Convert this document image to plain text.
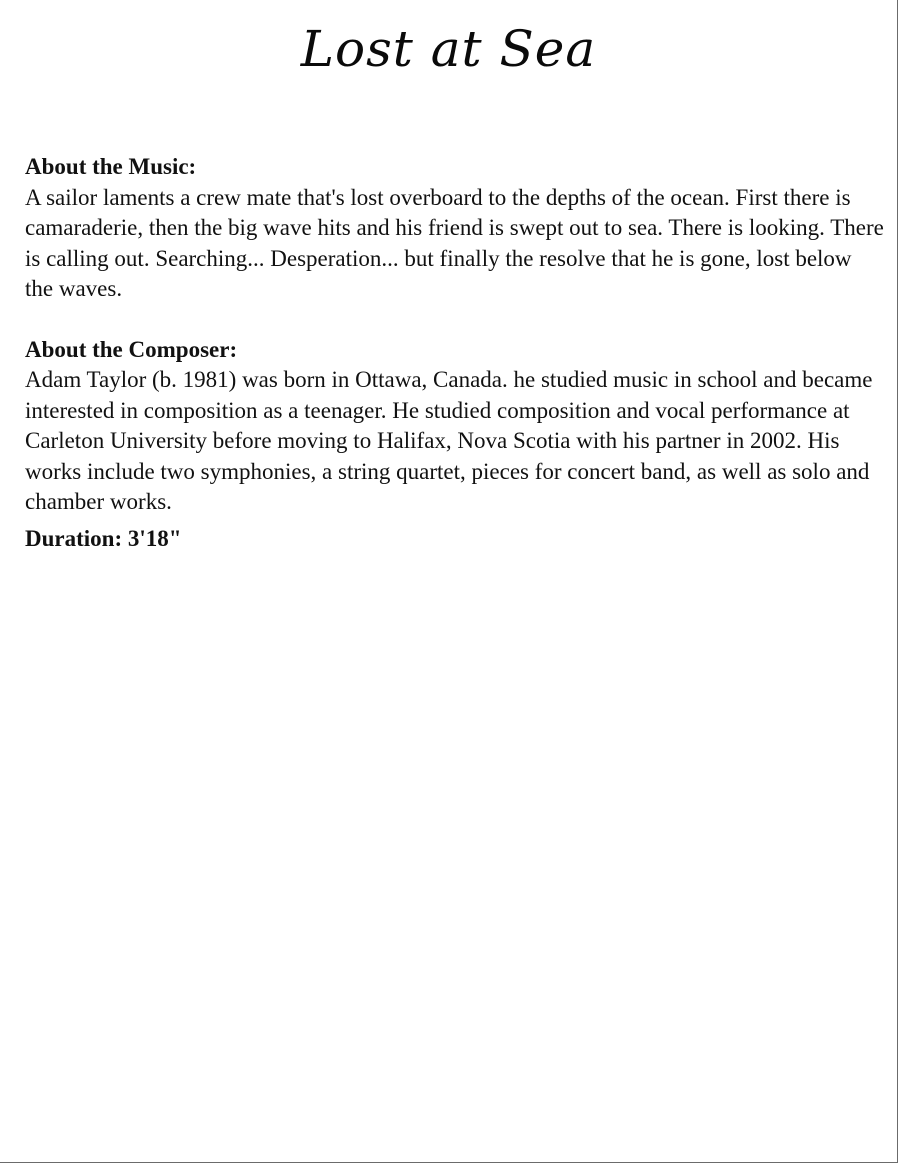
Lost at Sea

About the Music:

A sailor laments a crew mate that's lost overboard to the depths of the ocean. First there is camaraderie, then the big wave hits and his friend is swept out to sea. There is looking. There is calling out. Searching... Desperation... but finally the resolve that he is gone, lost below the waves.

About the Composer:

Adam Taylor (b. 1981) was born in Ottawa, Canada. he studied music in school and became interested in composition as a teenager. He studied composition and vocal performance at Carleton University before moving to Halifax, Nova Scotia with his partner in 2002. His works include two symphonies, a string quartet, pieces for concert band, as well as solo and chamber works.

Duration: 3'18"
